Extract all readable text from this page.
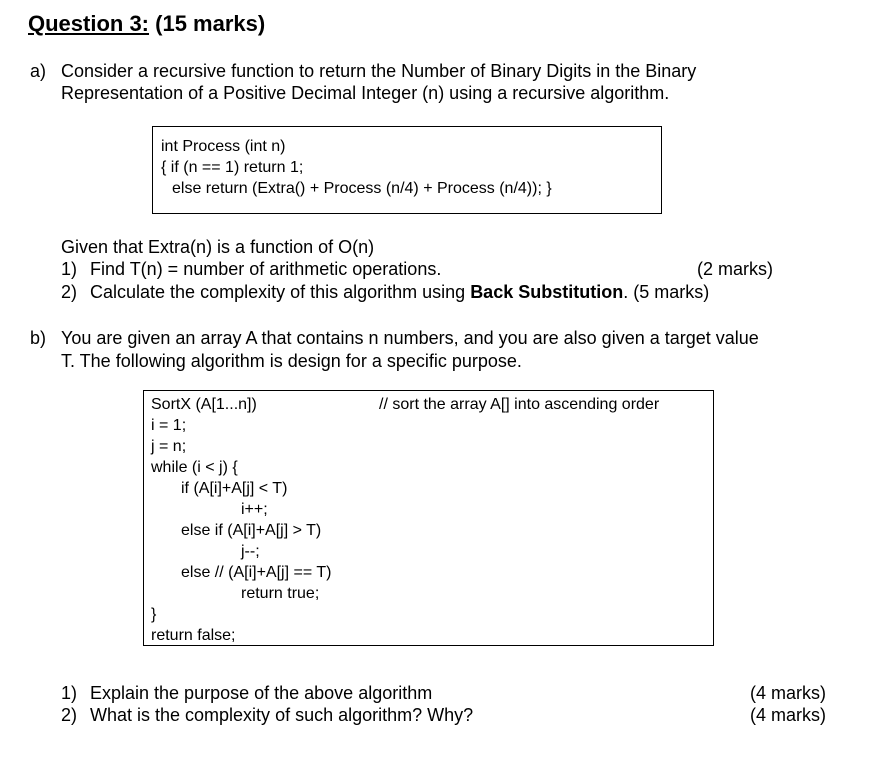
Question 3: (15 marks)
a) Consider a recursive function to return the Number of Binary Digits in the Binary
Representation of a Positive Decimal Integer (n) using a recursive algorithm.
int Process (int n)
{ if (n == 1) return 1;
else return (Extra() + Process (n/4) + Process (n/4)); }
Given that Extra(n) is a function of O(n)
1) Find T(n) = number of arithmetic operations.	(2 marks)
2) Calculate the complexity of this algorithm using Back Substitution. (5 marks)
b) You are given an array A that contains n numbers, and you are also given a target value
T. The following algorithm is design for a specific purpose.
SortX (A[1...n])	// sort the array A[] into ascending order
i = 1;
j = n;
while (i < j) {
if (A[i]+A[j] < T)
i++;
else if (A[i]+A[j] > T)
j--;
else // (A[i]+A[j] == T)
return true;
}
return false;
1) Explain the purpose of the above algorithm	(4 marks)
2) What is the complexity of such algorithm? Why?	(4 marks)
